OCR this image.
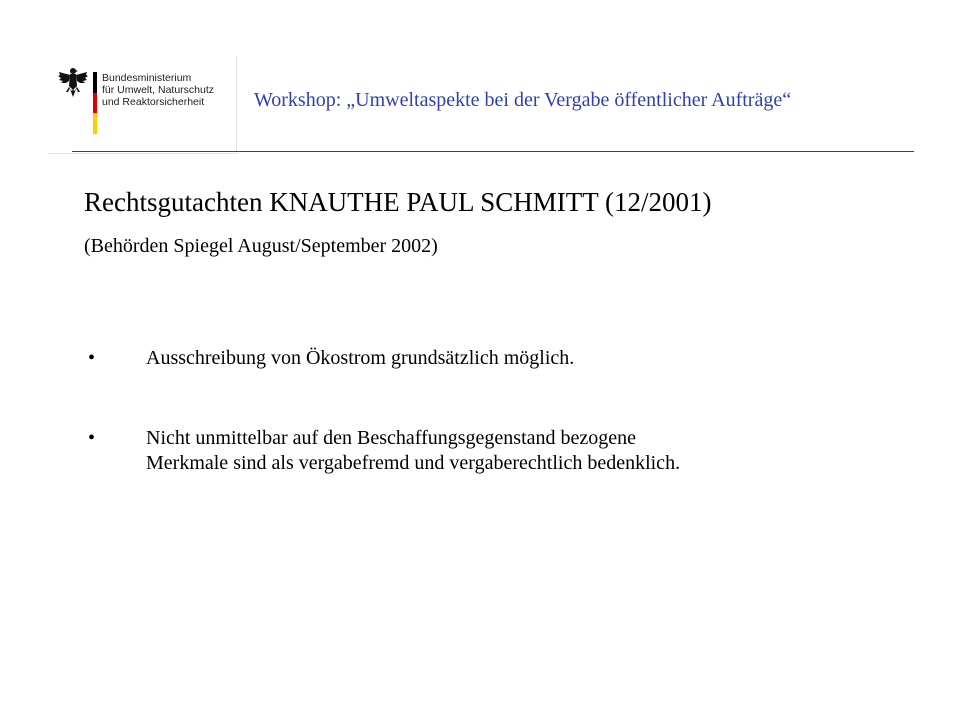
Bundesministerium
für Umwelt, Naturschutz
und Reaktorsicherheit	Workshop: „Umweltaspekte bei der Vergabe öffentlicher Aufträge“
Rechtsgutachten KNAUTHE PAUL SCHMITT (12/2001)
(Behörden Spiegel August/September 2002)
•	Ausschreibung von Ökostrom grundsätzlich möglich.
•	Nicht unmittelbar auf den Beschaffungsgegenstand bezogene
Merkmale sind als vergabefremd und vergaberechtlich bedenklich.
